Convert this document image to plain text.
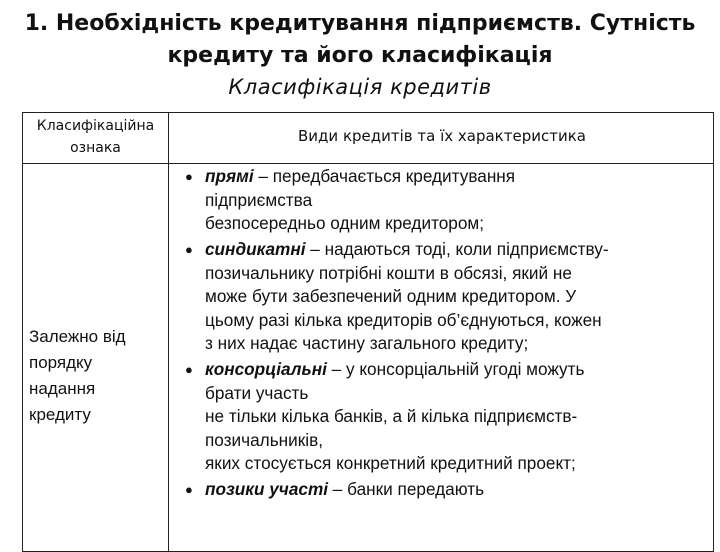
1. Необхідність кредитування підприємств. Сутність
кредиту та його класифікація
Класифікація кредитів
Класифікаційна ознака
Види кредитів та їх характеристика
Залежно від
порядку
надання
кредиту
● прямі – передбачається кредитування
підприємства
безпосередньо одним кредитором;
● синдикатні – надаються тоді, коли підприємству-
позичальнику потрібні кошти в обсязі, який не
може бути забезпечений одним кредитором. У
цьому разі кілька кредиторів об’єднуються, кожен
з них надає частину загального кредиту;
● консорціальні – у консорціальній угоді можуть
брати участь
не тільки кілька банків, а й кілька підприємств-
позичальників,
яких стосується конкретний кредитний проект;
● позики участі – банки передають
